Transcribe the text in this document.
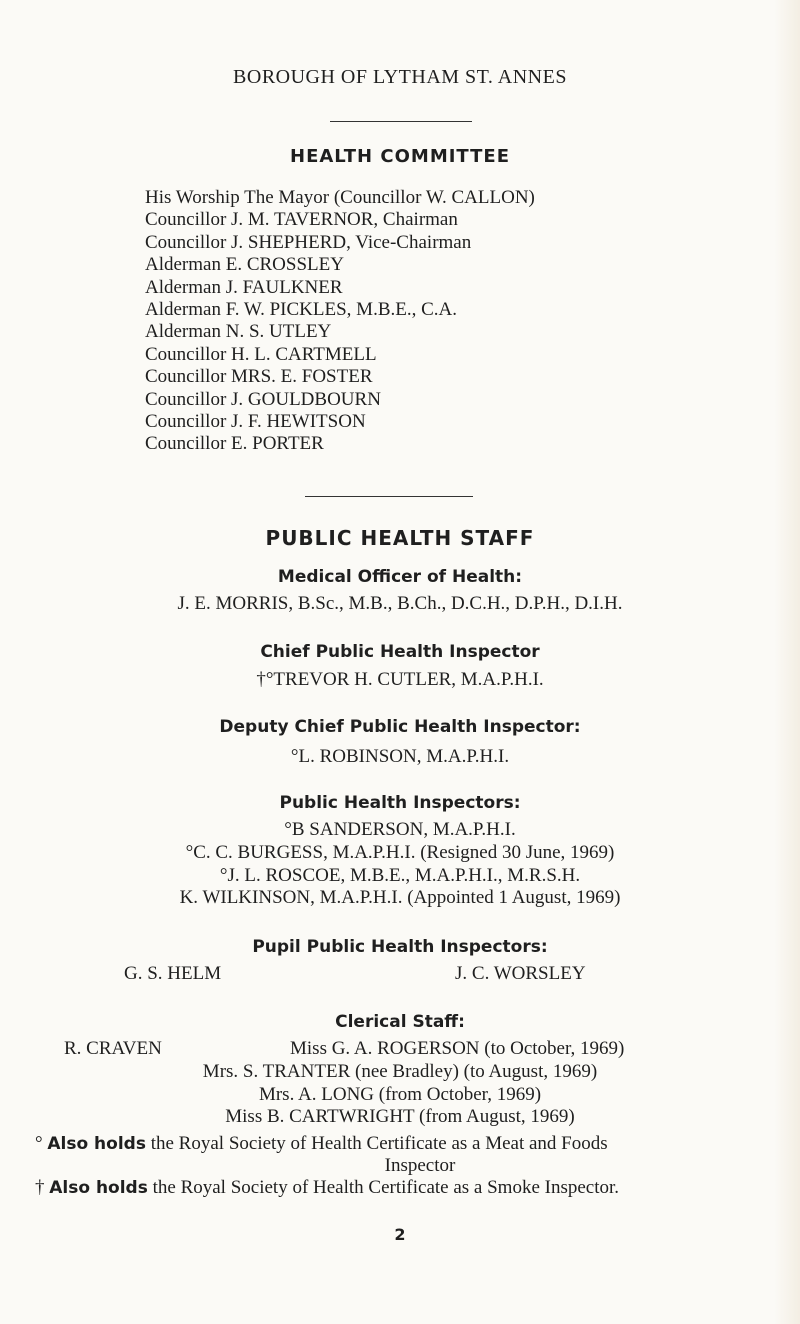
BOROUGH OF LYTHAM ST. ANNES
HEALTH COMMITTEE
His Worship The Mayor (Councillor W. CALLON)
Councillor J. M. TAVERNOR, Chairman
Councillor J. SHEPHERD, Vice-Chairman
Alderman E. CROSSLEY
Alderman J. FAULKNER
Alderman F. W. PICKLES, M.B.E., C.A.
Alderman N. S. UTLEY
Councillor H. L. CARTMELL
Councillor MRS. E. FOSTER
Councillor J. GOULDBOURN
Councillor J. F. HEWITSON
Councillor E. PORTER
PUBLIC HEALTH STAFF
Medical Officer of Health:
J. E. MORRIS, B.Sc., M.B., B.Ch., D.C.H., D.P.H., D.I.H.
Chief Public Health Inspector
†°TREVOR H. CUTLER, M.A.P.H.I.
Deputy Chief Public Health Inspector:
°L. ROBINSON, M.A.P.H.I.
Public Health Inspectors:
°B SANDERSON, M.A.P.H.I.
°C. C. BURGESS, M.A.P.H.I. (Resigned 30 June, 1969)
°J. L. ROSCOE, M.B.E., M.A.P.H.I., M.R.S.H.
K. WILKINSON, M.A.P.H.I. (Appointed 1 August, 1969)
Pupil Public Health Inspectors:
G. S. HELM	J. C. WORSLEY
Clerical Staff:
R. CRAVEN	Miss G. A. ROGERSON (to October, 1969)
Mrs. S. TRANTER (nee Bradley) (to August, 1969)
Mrs. A. LONG (from October, 1969)
Miss B. CARTWRIGHT (from August, 1969)
° Also holds the Royal Society of Health Certificate as a Meat and Foods
Inspector
† Also holds the Royal Society of Health Certificate as a Smoke Inspector.
2
